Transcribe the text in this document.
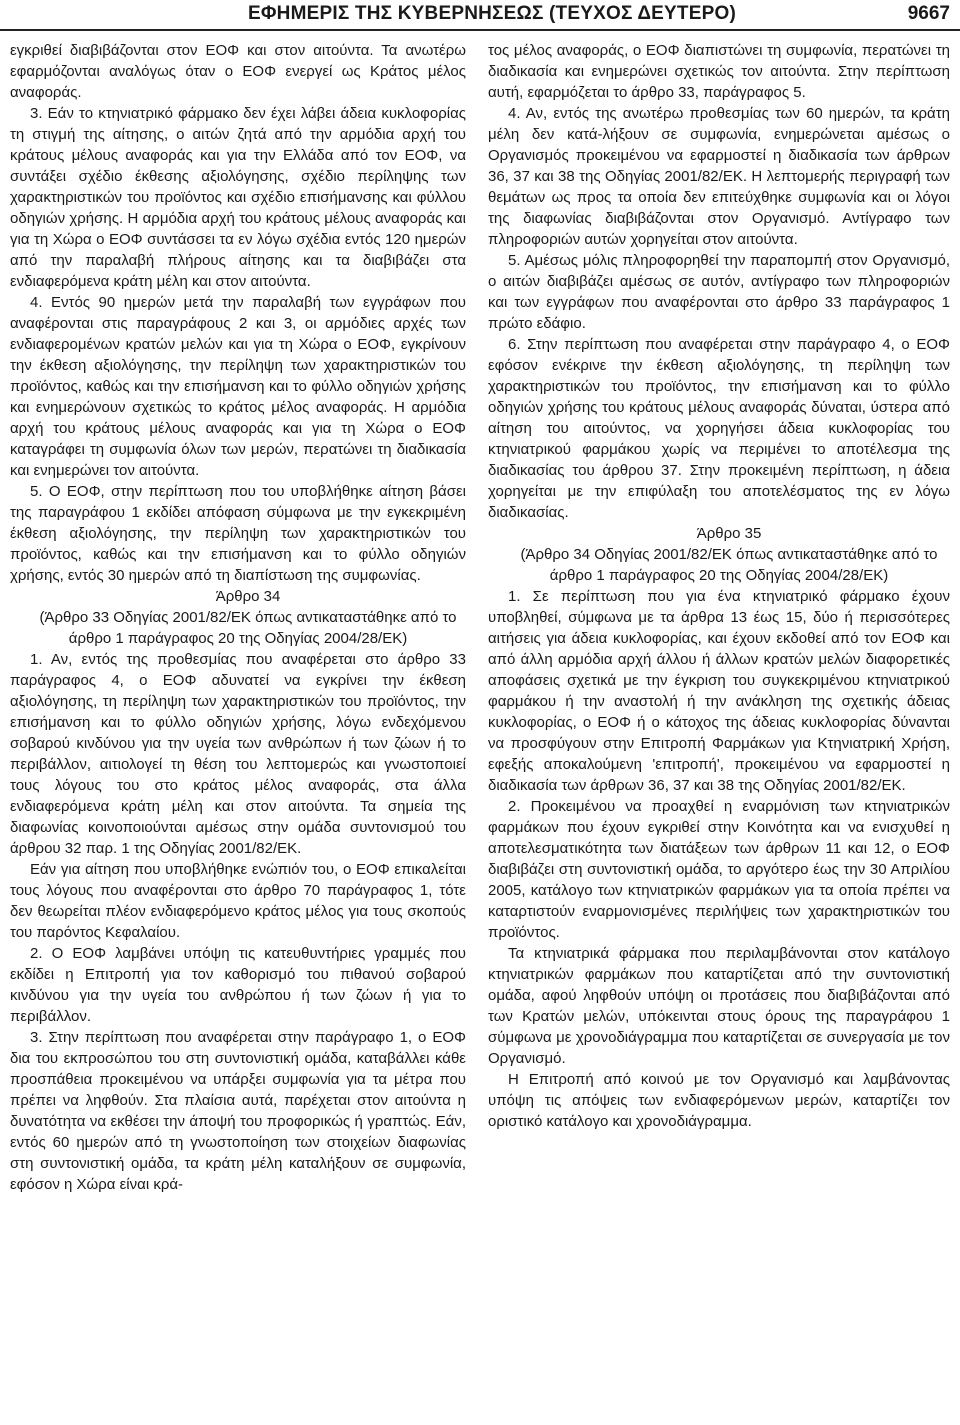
ΕΦΗΜΕΡΙΣ ΤΗΣ ΚΥΒΕΡΝΗΣΕΩΣ (ΤΕΥΧΟΣ ΔΕΥΤΕΡΟ)	9667

εγκριθεί διαβιβάζονται στον ΕΟΦ και στον αιτούντα. Τα ανωτέρω εφαρμόζονται αναλόγως όταν ο ΕΟΦ ενεργεί ως Κράτος μέλος αναφοράς.

3. Εάν το κτηνιατρικό φάρμακο δεν έχει λάβει άδεια κυκλοφορίας τη στιγμή της αίτησης, ο αιτών ζητά από την αρμόδια αρχή του κράτους μέλους αναφοράς και για την Ελλάδα από τον ΕΟΦ, να συντάξει σχέδιο έκθεσης αξιολόγησης, σχέδιο περίληψης των χαρακτηριστικών του προϊόντος και σχέδιο επισήμανσης και φύλλου οδηγιών χρήσης. Η αρμόδια αρχή του κράτους μέλους αναφοράς και για τη Χώρα ο ΕΟΦ συντάσσει τα εν λόγω σχέδια εντός 120 ημερών από την παραλαβή πλήρους αίτησης και τα διαβιβάζει στα ενδιαφερόμενα κράτη μέλη και στον αιτούντα.

4. Εντός 90 ημερών μετά την παραλαβή των εγγράφων που αναφέρονται στις παραγράφους 2 και 3, οι αρμόδιες αρχές των ενδιαφερομένων κρατών μελών και για τη Χώρα ο ΕΟΦ, εγκρίνουν την έκθεση αξιολόγησης, την περίληψη των χαρακτηριστικών του προϊόντος, καθώς και την επισήμανση και το φύλλο οδηγιών χρήσης και ενημερώνουν σχετικώς το κράτος μέλος αναφοράς. Η αρμόδια αρχή του κράτους μέλους αναφοράς και για τη Χώρα ο ΕΟΦ καταγράφει τη συμφωνία όλων των μερών, περατώνει τη διαδικασία και ενημερώνει τον αιτούντα.

5. Ο ΕΟΦ, στην περίπτωση που του υποβλήθηκε αίτηση βάσει της παραγράφου 1 εκδίδει απόφαση σύμφωνα με την εγκεκριμένη έκθεση αξιολόγησης, την περίληψη των χαρακτηριστικών του προϊόντος, καθώς και την επισήμανση και το φύλλο οδηγιών χρήσης, εντός 30 ημερών από τη διαπίστωση της συμφωνίας.

Άρθρο 34

(Άρθρο 33 Οδηγίας 2001/82/ΕΚ όπως αντικαταστάθηκε από το άρθρο 1 παράγραφος 20 της Οδηγίας 2004/28/ΕΚ)

1. Αν, εντός της προθεσμίας που αναφέρεται στο άρθρο 33 παράγραφος 4, ο ΕΟΦ αδυνατεί να εγκρίνει την έκθεση αξιολόγησης, τη περίληψη των χαρακτηριστικών του προϊόντος, την επισήμανση και το φύλλο οδηγιών χρήσης, λόγω ενδεχόμενου σοβαρού κινδύνου για την υγεία των ανθρώπων ή των ζώων ή το περιβάλλον, αιτιολογεί τη θέση του λεπτομερώς και γνωστοποιεί τους λόγους του στο κράτος μέλος αναφοράς, στα άλλα ενδιαφερόμενα κράτη μέλη και στον αιτούντα. Τα σημεία της διαφωνίας κοινοποιούνται αμέσως στην ομάδα συντονισμού του άρθρου 32 παρ. 1 της Οδηγίας 2001/82/ΕΚ.

Εάν για αίτηση που υποβλήθηκε ενώπιόν του, ο ΕΟΦ επικαλείται τους λόγους που αναφέρονται στο άρθρο 70 παράγραφος 1, τότε δεν θεωρείται πλέον ενδιαφερόμενο κράτος μέλος για τους σκοπούς του παρόντος Κεφαλαίου.

2. Ο ΕΟΦ λαμβάνει υπόψη τις κατευθυντήριες γραμμές που εκδίδει η Επιτροπή για τον καθορισμό του πιθανού σοβαρού κινδύνου για την υγεία του ανθρώπου ή των ζώων ή για το περιβάλλον.

3. Στην περίπτωση που αναφέρεται στην παράγραφο 1, ο ΕΟΦ δια του εκπροσώπου του στη συντονιστική ομάδα, καταβάλλει κάθε προσπάθεια προκειμένου να υπάρξει συμφωνία για τα μέτρα που πρέπει να ληφθούν. Στα πλαίσια αυτά, παρέχεται στον αιτούντα η δυνατότητα να εκθέσει την άποψή του προφορικώς ή γραπτώς. Εάν, εντός 60 ημερών από τη γνωστοποίηση των στοιχείων διαφωνίας στη συντονιστική ομάδα, τα κράτη μέλη καταλήξουν σε συμφωνία, εφόσον η Χώρα είναι κρά-

τος μέλος αναφοράς, ο ΕΟΦ διαπιστώνει τη συμφωνία, περατώνει τη διαδικασία και ενημερώνει σχετικώς τον αιτούντα. Στην περίπτωση αυτή, εφαρμόζεται το άρθρο 33, παράγραφος 5.

4. Αν, εντός της ανωτέρω προθεσμίας των 60 ημερών, τα κράτη μέλη δεν κατά-λήξουν σε συμφωνία, ενημερώνεται αμέσως ο Οργανισμός προκειμένου να εφαρμοστεί η διαδικασία των άρθρων 36, 37 και 38 της Οδηγίας 2001/82/ΕΚ. Η λεπτομερής περιγραφή των θεμάτων ως προς τα οποία δεν επιτεύχθηκε συμφωνία και οι λόγοι της διαφωνίας διαβιβάζονται στον Οργανισμό. Αντίγραφο των πληροφοριών αυτών χορηγείται στον αιτούντα.

5. Αμέσως μόλις πληροφορηθεί την παραπομπή στον Οργανισμό, ο αιτών διαβιβάζει αμέσως σε αυτόν, αντίγραφο των πληροφοριών και των εγγράφων που αναφέρονται στο άρθρο 33 παράγραφος 1 πρώτο εδάφιο.

6. Στην περίπτωση που αναφέρεται στην παράγραφο 4, ο ΕΟΦ εφόσον ενέκρινε την έκθεση αξιολόγησης, τη περίληψη των χαρακτηριστικών του προϊόντος, την επισήμανση και το φύλλο οδηγιών χρήσης του κράτους μέλους αναφοράς δύναται, ύστερα από αίτηση του αιτούντος, να χορηγήσει άδεια κυκλοφορίας του κτηνιατρικού φαρμάκου χωρίς να περιμένει το αποτέλεσμα της διαδικασίας του άρθρου 37. Στην προκειμένη περίπτωση, η άδεια χορηγείται με την επιφύλαξη του αποτελέσματος της εν λόγω διαδικασίας.

Άρθρο 35

(Άρθρο 34 Οδηγίας 2001/82/ΕΚ όπως αντικαταστάθηκε από το άρθρο 1 παράγραφος 20 της Οδηγίας 2004/28/ΕΚ)

1. Σε περίπτωση που για ένα κτηνιατρικό φάρμακο έχουν υποβληθεί, σύμφωνα με τα άρθρα 13 έως 15, δύο ή περισσότερες αιτήσεις για άδεια κυκλοφορίας, και έχουν εκδοθεί από τον ΕΟΦ και από άλλη αρμόδια αρχή άλλου ή άλλων κρατών μελών διαφορετικές αποφάσεις σχετικά με την έγκριση του συγκεκριμένου κτηνιατρικού φαρμάκου ή την αναστολή ή την ανάκληση της σχετικής άδειας κυκλοφορίας, ο ΕΟΦ ή ο κάτοχος της άδειας κυκλοφορίας δύνανται να προσφύγουν στην Επιτροπή Φαρμάκων για Κτηνιατρική Χρήση, εφεξής αποκαλούμενη 'επιτροπή', προκειμένου να εφαρμοστεί η διαδικασία των άρθρων 36, 37 και 38 της Οδηγίας 2001/82/ΕΚ.

2. Προκειμένου να προαχθεί η εναρμόνιση των κτηνιατρικών φαρμάκων που έχουν εγκριθεί στην Κοινότητα και να ενισχυθεί η αποτελεσματικότητα των διατάξεων των άρθρων 11 και 12, ο ΕΟΦ διαβιβάζει στη συντονιστική ομάδα, το αργότερο έως την 30 Απριλίου 2005, κατάλογο των κτηνιατρικών φαρμάκων για τα οποία πρέπει να καταρτιστούν εναρμονισμένες περιλήψεις των χαρακτηριστικών του προϊόντος.

Τα κτηνιατρικά φάρμακα που περιλαμβάνονται στον κατάλογο κτηνιατρικών φαρμάκων που καταρτίζεται από την συντονιστική ομάδα, αφού ληφθούν υπόψη οι προτάσεις που διαβιβάζονται από των Κρατών μελών, υπόκεινται στους όρους της παραγράφου 1 σύμφωνα με χρονοδιάγραμμα που καταρτίζεται σε συνεργασία με τον Οργανισμό.

Η Επιτροπή από κοινού με τον Οργανισμό και λαμβάνοντας υπόψη τις απόψεις των ενδιαφερόμενων μερών, καταρτίζει τον οριστικό κατάλογο και χρονοδιάγραμμα.
